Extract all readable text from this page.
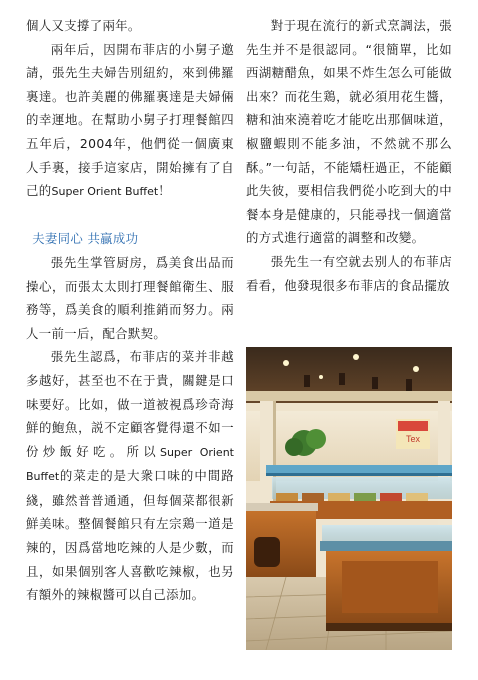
個人又支撐了兩年。

兩年后，因開布菲店的小舅子邀請，張先生夫婦告別紐約，來到佛羅裏達。也許美麗的佛羅裏達是夫婦倆的幸運地。在幫助小舅子打理餐館四五年后，2004年，他們從一個廣東人手裏，接手這家店，開始擁有了自己的Super Orient Buffet！

夫妻同心 共贏成功

張先生掌管厨房，爲美食出品而操心，而張太太則打理餐館衛生、服務等，爲美食的順利推銷而努力。兩人一前一后，配合默契。

張先生認爲，布菲店的菜并非越多越好，甚至也不在于貴，關鍵是口味要好。比如，做一道被視爲珍奇海鮮的鮑魚，説不定顧客覺得還不如一份炒飯好吃。所以Super Orient Buffet的菜走的是大衆口味的中間路綫，雖然普普通通，但每個菜都很新鮮美味。整個餐館只有左宗鶏一道是辣的，因爲當地吃辣的人是少數，而且，如果個别客人喜歡吃辣椒，也另有額外的辣椒醬可以自己添加。

對于現在流行的新式烹調法，張先生并不是很認同。“很簡單，比如西湖糖醋魚，如果不炸生怎么可能做出來？而花生鶏，就必須用花生醬，糖和油來澆着吃才能吃出那個味道，椒鹽蝦則不能多油，不然就不那么酥。”一句話，不能矯枉過正，不能顧此失彼，要相信我們從小吃到大的中餐本身是健康的，只能尋找一個適當的方式進行適當的調整和改變。

張先生一有空就去别人的布菲店看看，他發現很多布菲店的食品擺放

Tex
